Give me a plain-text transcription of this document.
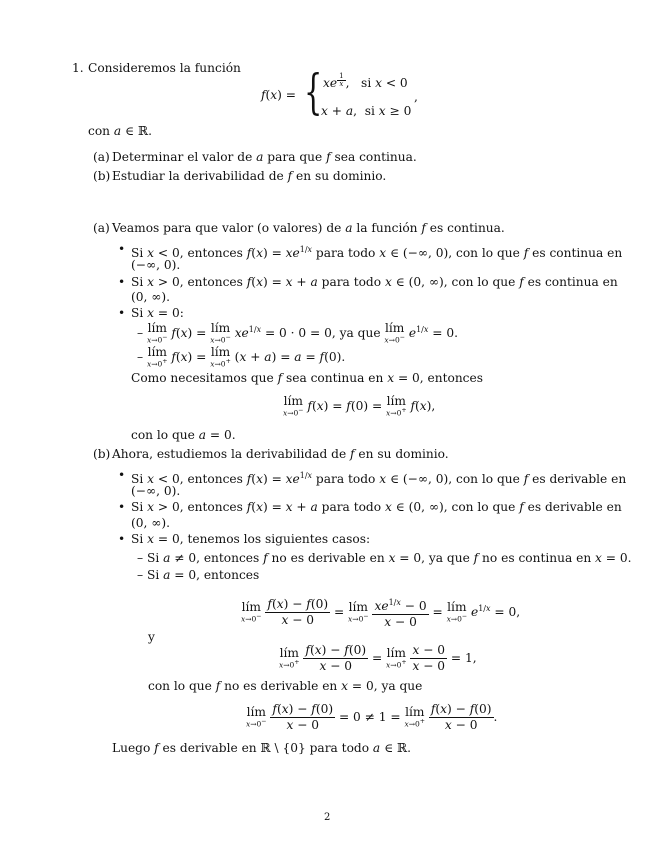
1. Consideremos la función
f(x) = { xe $^{\frac{1}{x}}$ ,   si x < 0
x + a,  si x ≥ 0
,
con a ∈ ℝ.
(a) Determinar el valor de a para que f sea continua.
(b) Estudiar la derivabilidad de f en su dominio.
(a) Veamos para que valor (o valores) de a la función f es continua.
• Si x < 0, entonces $f(x) = xe^{1/x}$ para todo x ∈ (−∞, 0), con lo que f es continua en
(−∞, 0).
• Si x > 0, entonces f(x) = x + a para todo x ∈ (0, ∞), con lo que f es continua en
(0, ∞).
• Si x = 0:
– lím
x→0− f(x) = lím
x→0− $xe^{1/x} = 0 \cdot 0 = 0$, ya que lím
x→0− $e^{1/x} = 0$.
– lím
x→0+ f(x) = lím
x→0+ (x + a) = a = f(0).
Como necesitamos que f sea continua en x = 0, entonces
lím
x→0− f(x) = f(0) = lím
x→0+ f(x),
con lo que a = 0.
(b) Ahora, estudiemos la derivabilidad de f en su dominio.
• Si x < 0, entonces $f(x) = xe^{1/x}$ para todo x ∈ (−∞, 0), con lo que f es derivable en
(−∞, 0).
• Si x > 0, entonces f(x) = x + a para todo x ∈ (0, ∞), con lo que f es derivable en
(0, ∞).
• Si x = 0, tenemos los siguientes casos:
– Si a ≠ 0, entonces f no es derivable en x = 0, ya que f no es continua en x = 0.
– Si a = 0, entonces
lím
x→0−
$\frac{f(x) - f(0)}{x - 0}$ = lím
x→0−
$\frac{xe^{1/x} - 0}{x - 0}$ = lím
x→0− $e^{1/x} = 0$,
y
lím
x→0+
$\frac{f(x) - f(0)}{x - 0}$ = lím
x→0+
$\frac{x - 0}{x - 0} = 1$,
con lo que f no es derivable en x = 0, ya que
lím
x→0−
$\frac{f(x) - f(0)}{x - 0} = 0 \ne 1$ = lím
x→0+
$\frac{f(x) - f(0)}{x - 0}$ .
Luego f es derivable en ℝ \ {0} para todo a ∈ ℝ.
2
